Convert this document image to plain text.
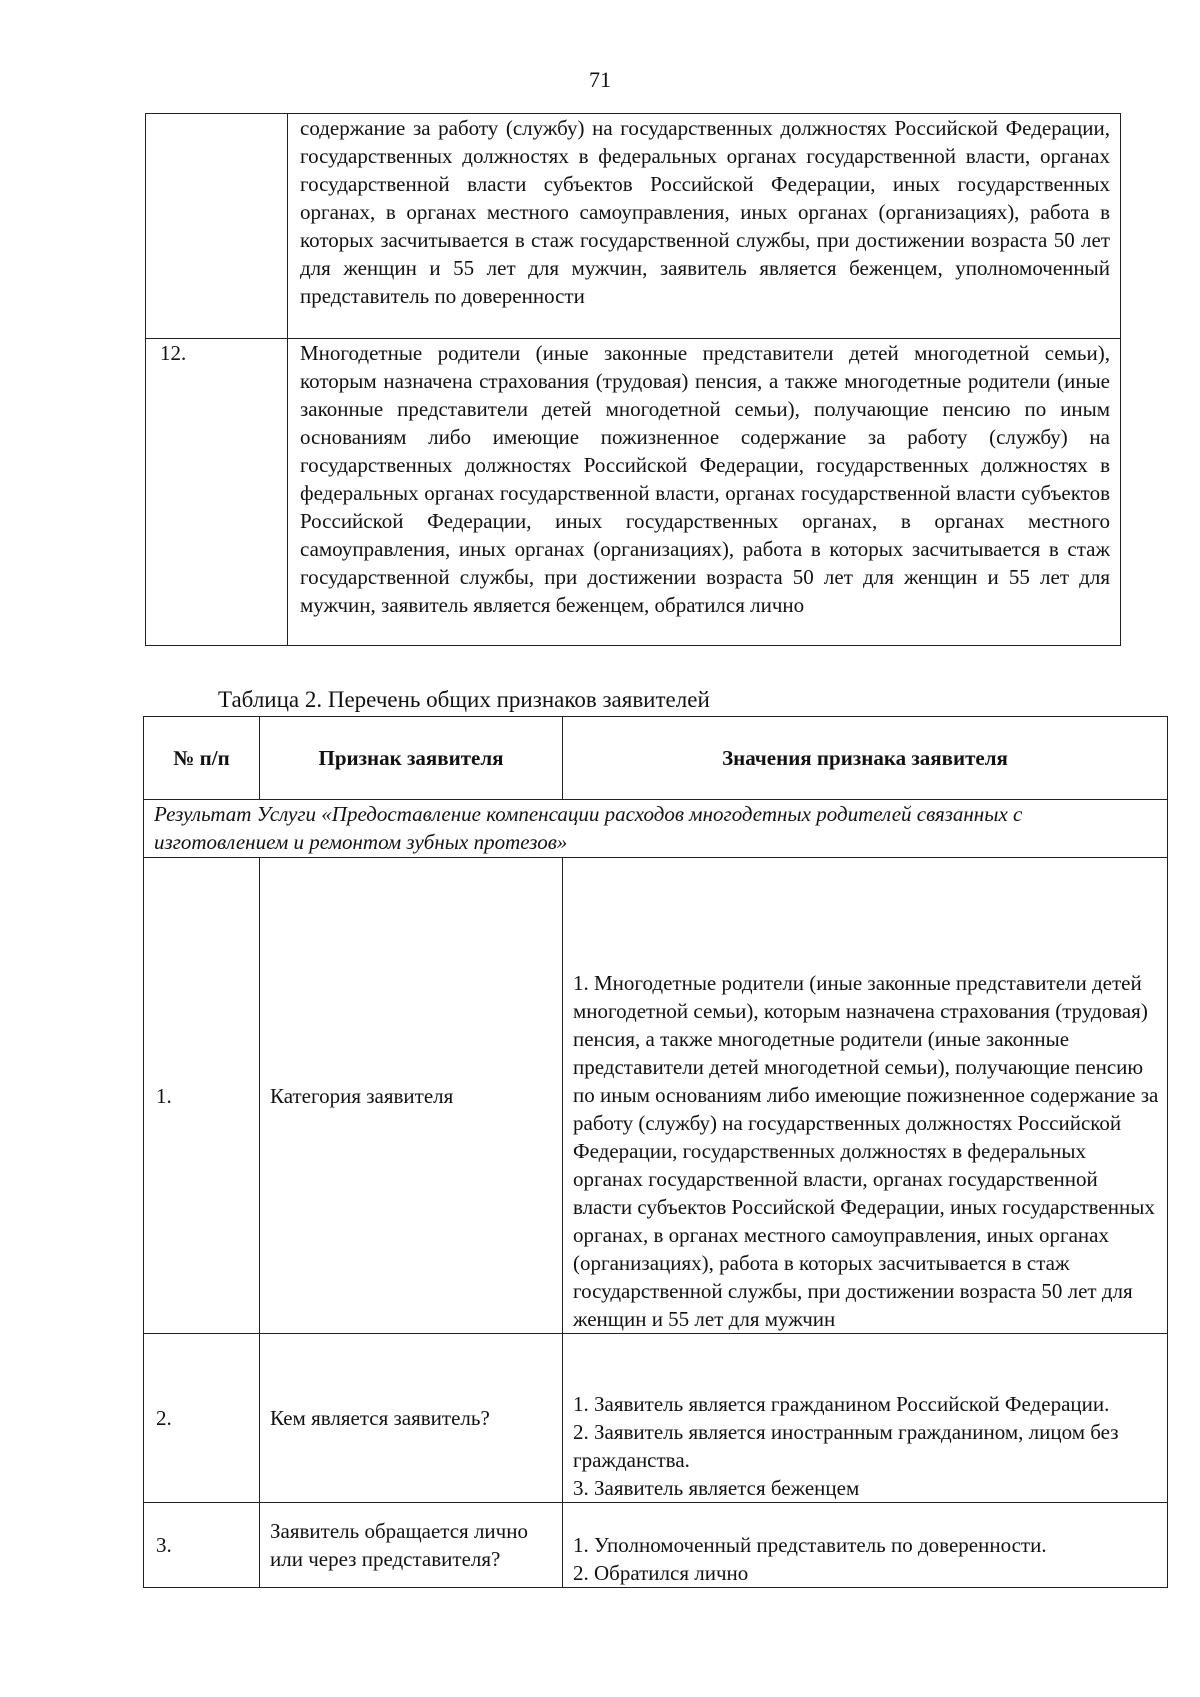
71
	содержание за работу (службу) на государственных должностях Российской Федерации, государственных должностях в федеральных органах государственной власти, органах государственной власти субъектов Российской Федерации, иных государственных органах, в органах местного самоуправления, иных органах (организациях), работа в которых засчитывается в стаж государственной службы, при достижении возраста 50 лет для женщин и 55 лет для мужчин, заявитель является беженцем, уполномоченный представитель по доверенности
12.	Многодетные родители (иные законные представители детей многодетной семьи), которым назначена страхования (трудовая) пенсия, а также многодетные родители (иные законные представители детей многодетной семьи), получающие пенсию по иным основаниям либо имеющие пожизненное содержание за работу (службу) на государственных должностях Российской Федерации, государственных должностях в федеральных органах государственной власти, органах государственной власти субъектов Российской Федерации, иных государственных органах, в органах местного самоуправления, иных органах (организациях), работа в которых засчитывается в стаж государственной службы, при достижении возраста 50 лет для женщин и 55 лет для мужчин, заявитель является беженцем, обратился лично
Таблица 2. Перечень общих признаков заявителей
№ п/п	Признак заявителя	Значения признака заявителя
Результат Услуги «Предоставление компенсации расходов многодетных родителей связанных с изготовлением и ремонтом зубных протезов»		
1.	Категория заявителя	1. Многодетные родители (иные законные представители детей многодетной семьи), которым назначена страхования (трудовая) пенсия, а также многодетные родители (иные законные представители детей многодетной семьи), получающие пенсию по иным основаниям либо имеющие пожизненное содержание за работу (службу) на государственных должностях Российской Федерации, государственных должностях в федеральных органах государственной власти, органах государственной власти субъектов Российской Федерации, иных государственных органах, в органах местного самоуправления, иных органах (организациях), работа в которых засчитывается в стаж государственной службы, при достижении возраста 50 лет для женщин и 55 лет для мужчин

2.	Кем является заявитель?	1. Заявитель является гражданином Российской Федерации.
2. Заявитель является иностранным гражданином, лицом без гражданства.
3. Заявитель является беженцем

3.	Заявитель обращается лично или через представителя?	1. Уполномоченный представитель по доверенности.
2. Обратился лично
